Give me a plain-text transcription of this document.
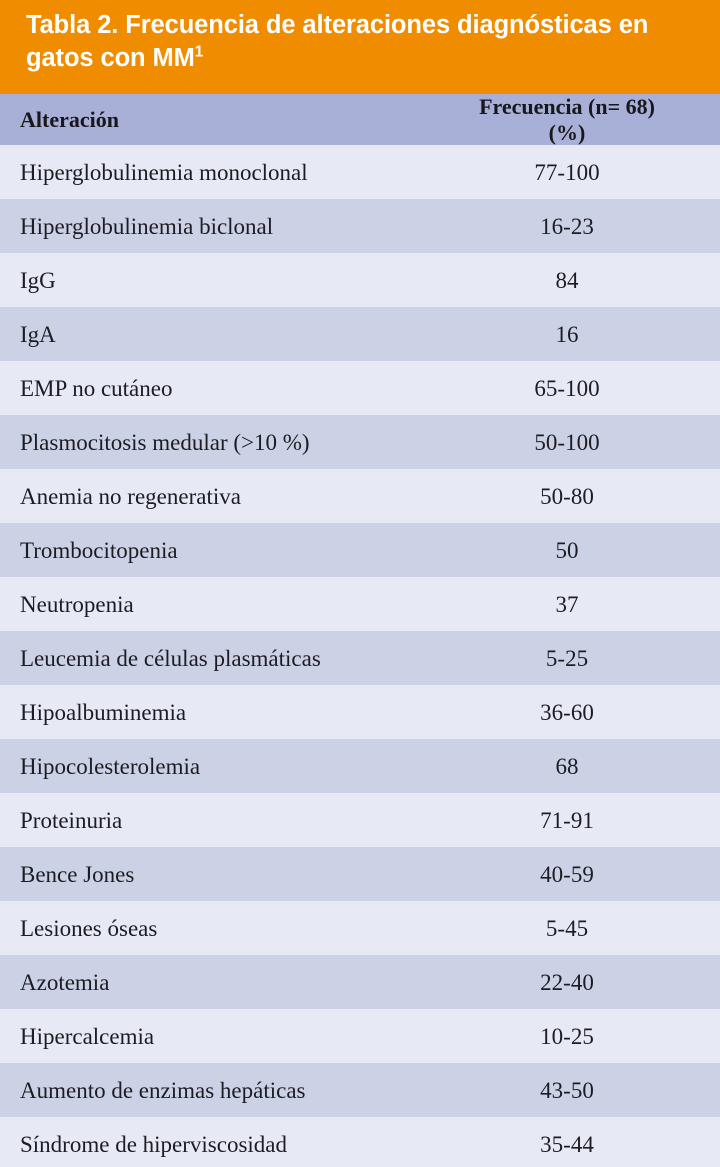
Tabla 2. Frecuencia de alteraciones diagnósticas en gatos con $MM^1$
Alteración
Frecuencia (n= 68) (%)
Hiperglobulinemia monoclonal	77-100
Hiperglobulinemia biclonal	16-23
IgG	84
IgA	16
EMP no cutáneo	65-100
Plasmocitosis medular (>10 %)	50-100
Anemia no regenerativa	50-80
Trombocitopenia	50
Neutropenia	37
Leucemia de células plasmáticas	5-25
Hipoalbuminemia	36-60
Hipocolesterolemia	68
Proteinuria	71-91
Bence Jones	40-59
Lesiones óseas	5-45
Azotemia	22-40
Hipercalcemia	10-25
Aumento de enzimas hepáticas	43-50
Síndrome de hiperviscosidad	35-44
